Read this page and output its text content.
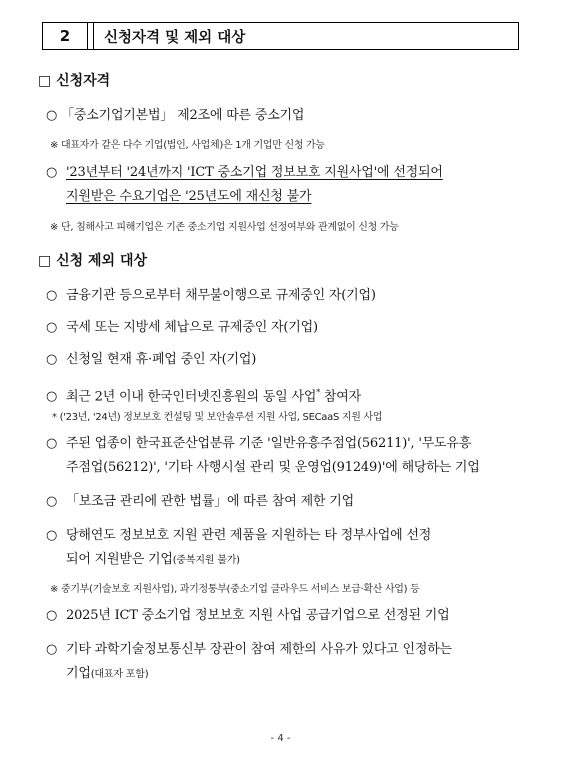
2	신청자격 및 제외 대상
□ 신청자격
○ 「중소기업기본법」 제2조에 따른 중소기업
※ 대표자가 같은 다수 기업(법인, 사업체)은 1개 기업만 신청 가능
○ '23년부터 '24년까지 'ICT 중소기업 정보보호 지원사업'에 선정되어
지원받은 수요기업은 '25년도에 재신청 불가
※ 단, 침해사고 피해기업은 기존 중소기업 지원사업 선정여부와 관계없이 신청 가능
□ 신청 제외 대상
○ 금융기관 등으로부터 채무불이행으로 규제중인 자(기업)
○ 국세 또는 지방세 체납으로 규제중인 자(기업)
○ 신청일 현재 휴·폐업 중인 자(기업)
○ 최근 2년 이내 한국인터넷진흥원의 동일 사업* 참여자
* ('23년, '24년) 정보보호 컨설팅 및 보안솔루션 지원 사업, SECaaS 지원 사업
○ 주된 업종이 한국표준산업분류 기준 '일반유흥주점업(56211)', '무도유흥
주점업(56212)', '기타 사행시설 관리 및 운영업(91249)'에 해당하는 기업
○ 「보조금 관리에 관한 법률」에 따른 참여 제한 기업
○ 당해연도 정보보호 지원 관련 제품을 지원하는 타 정부사업에 선정
되어 지원받은 기업(중복지원 불가)
※ 중기부(기술보호 지원사업), 과기정통부(중소기업 클라우드 서비스 보급·확산 사업) 등
○ 2025년 ICT 중소기업 정보보호 지원 사업 공급기업으로 선정된 기업
○ 기타 과학기술정보통신부 장관이 참여 제한의 사유가 있다고 인정하는
기업(대표자 포함)
- 4 -
